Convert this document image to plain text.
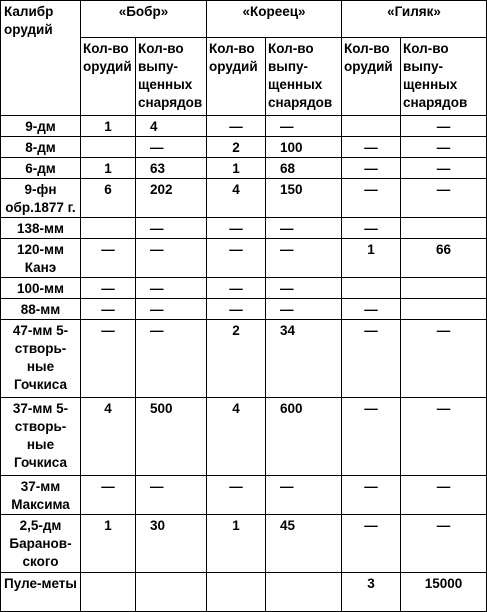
Калибр орудий	«Бобр»		«Кореец»		«Гиляк»	
	Кол-во орудий	Кол-во выпу-щенных снарядов	Кол-во орудий	Кол-во выпу-щенных снарядов	Кол-во орудий	Кол-во выпу-щенных снарядов
9-дм	1	4	—	—		—
8-дм		—	2	100	—	—
6-дм	1	63	1	68	—	—
9-фн обр.1877 г.	6	202	4	150	—	—
138-мм		—	—	—	—	
120-мм Канэ	—	—	—	—	1	66
100-мм	—	—	—	—		
88-мм	—	—	—	—	—	
47-мм 5-створь-ные Гочкиса	—	—	2	34	—	—
37-мм 5-створь-ные Гочкиса	4	500	4	600	—	—
37-мм Максима	—	—	—	—	—	—
2,5-дм Баранов-ского	1	30	1	45	—	—
Пуле-меты					3	15000
